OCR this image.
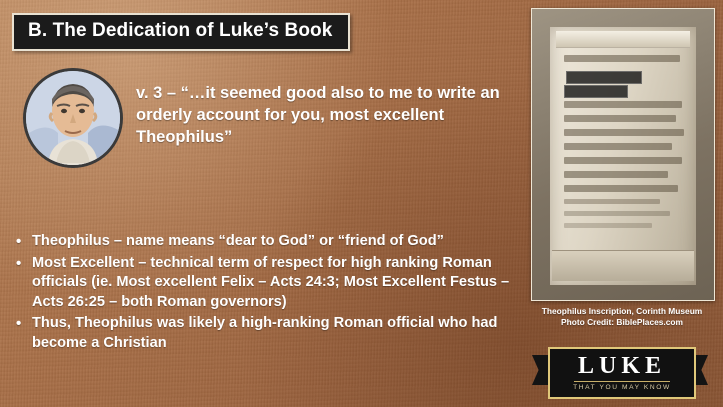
B. The Dedication of Luke’s Book
v. 3 – “…it seemed good also to me to write an orderly account for you, most excellent Theophilus”
• Theophilus – name means “dear to God” or “friend of God”
• Most Excellent – technical term of respect for high ranking Roman officials (ie. Most excellent Felix – Acts 24:3; Most Excellent Festus – Acts 26:25 – both Roman governors)
• Thus, Theophilus was likely a high-ranking Roman official who had become a Christian
Theophilus Inscription, Corinth Museum
Photo Credit: BiblePlaces.com
LUKE
THAT YOU MAY KNOW
